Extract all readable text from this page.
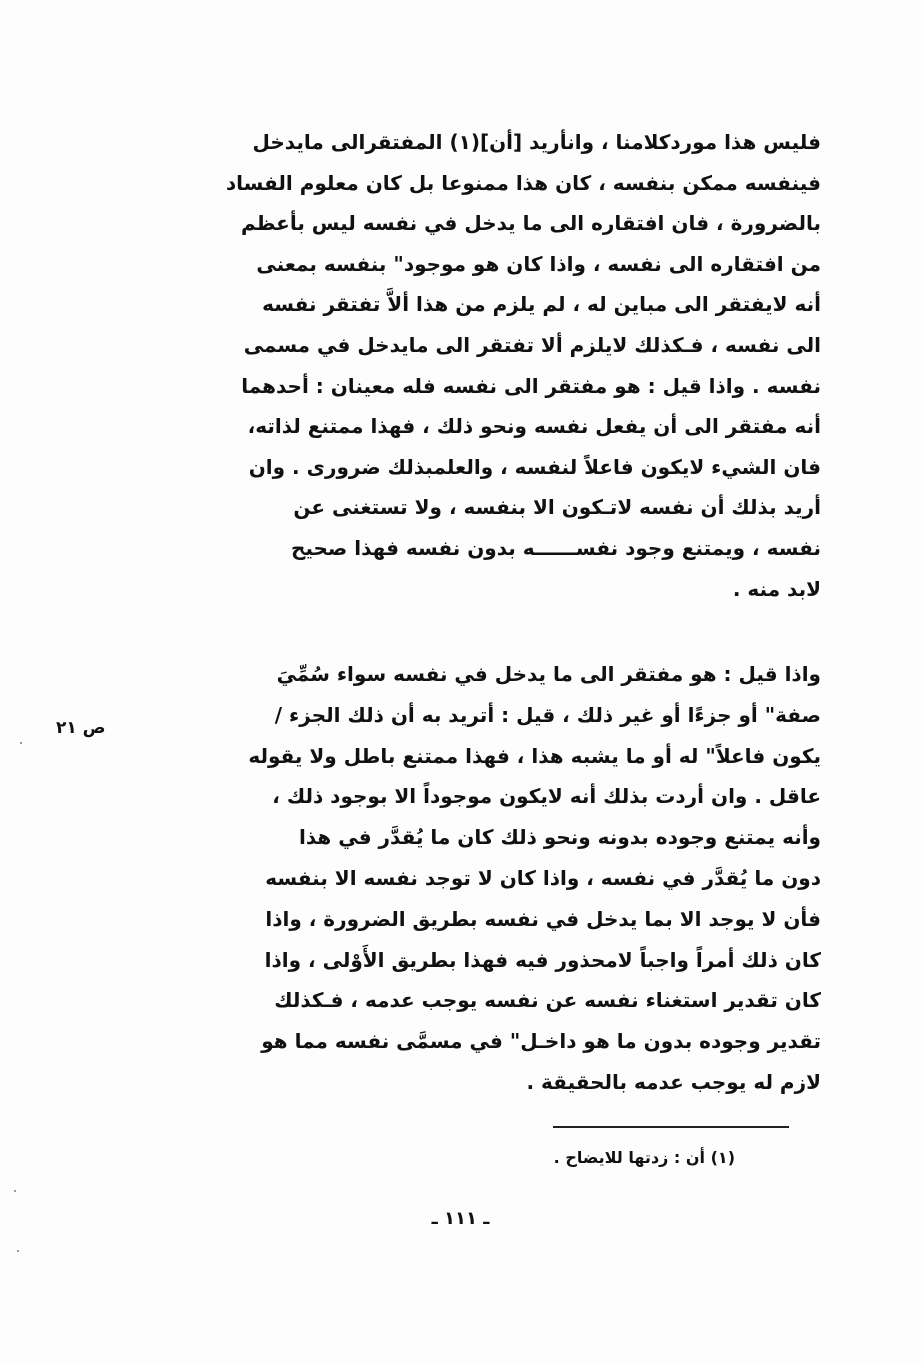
فليس هذا موردكلامنا ، وانأريد [أن](١) المفتقرالى مايدخل
فينفسه ممكن بنفسه ، كان هذا ممنوعا بل كان معلوم الفساد
بالضرورة ، فان افتقاره الى ما يدخل في نفسه ليس بأعظم
من افتقاره الى نفسه ، واذا كان هو موجود" بنفسه بمعنى
أنه لايفتقر الى مباين له ، لم يلزم من هذا ألاَّ تفتقر نفسه
الى نفسه ، فـكذلك لايلزم ألا تفتقر الى مايدخل في مسمى
نفسه . واذا قيل : هو مفتقر الى نفسه فله معينان : أحدهما
أنه مفتقر الى أن يفعل نفسه ونحو ذلك ، فهذا ممتنع لذاته،
فان الشيء لايكون فاعلاً لنفسه ، والعلمبذلك ضرورى . وان
أريد بذلك أن نفسه لاتـكون الا بنفسه ، ولا تستغنى عن
نفسه ، ويمتنع وجود نفســــــه بدون نفسه فهذا صحيح
لابد منه .
واذا قيل : هو مفتقر الى ما يدخل في نفسه سواء سُمِّيَ
صفة" أو جزءًا أو غير ذلك ، قيل : أتريد به أن ذلك الجزء /
يكون فاعلاً" له أو ما يشبه هذا ، فهذا ممتنع باطل ولا يقوله
عاقل . وان أردت بذلك أنه لايكون موجوداً الا بوجود ذلك ،
وأنه يمتنع وجوده بدونه ونحو ذلك كان ما يُقدَّر في هذا
دون ما يُقدَّر في نفسه ، واذا كان لا توجد نفسه الا بنفسه
فأن لا يوجد الا بما يدخل في نفسه بطريق الضرورة ، واذا
كان ذلك أمراً واجباً لامحذور فيه فهذا بطريق الأَوْلى ، واذا
كان تقدير استغناء نفسه عن نفسه يوجب عدمه ، فـكذلك
تقدير وجوده بدون ما هو داخـل" في مسمَّى نفسه مما هو
لازم له يوجب عدمه بالحقيقة .
ص ٢١
(١) أن : زدتها للايضاح .
ـ ١١١ ـ
